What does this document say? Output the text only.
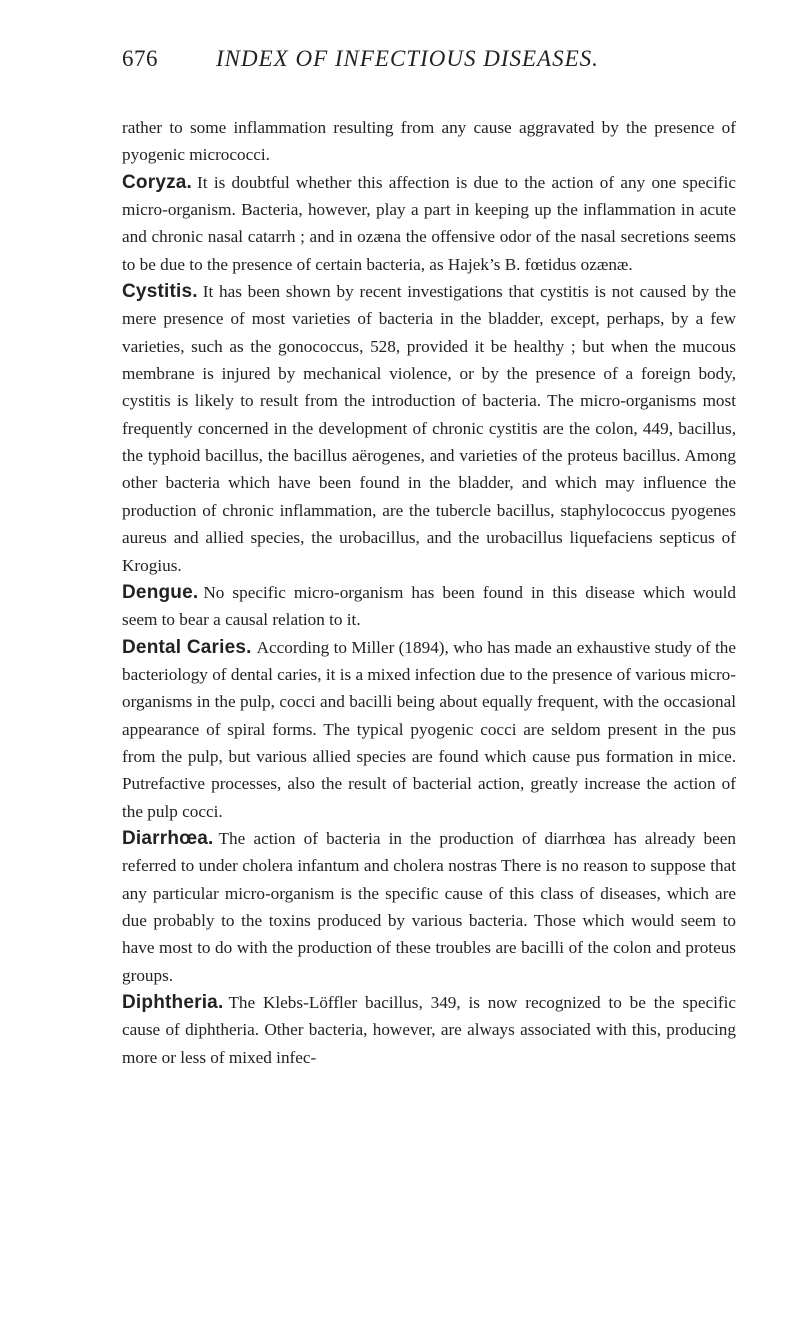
676	INDEX OF INFECTIOUS DISEASES.

rather to some inflammation resulting from any cause aggravated by the presence of pyogenic micrococci.

Coryza. It is doubtful whether this affection is due to the action of any one specific micro-organism. Bacteria, however, play a part in keeping up the inflammation in acute and chronic nasal catarrh ; and in ozæna the offensive odor of the nasal secretions seems to be due to the presence of certain bacteria, as Hajek’s B. fœtidus ozænæ.

Cystitis. It has been shown by recent investigations that cystitis is not caused by the mere presence of most varieties of bacteria in the bladder, except, perhaps, by a few varieties, such as the gonococcus, 528, provided it be healthy ; but when the mucous membrane is injured by mechanical violence, or by the presence of a foreign body, cystitis is likely to result from the introduction of bacteria. The micro-organisms most frequently concerned in the development of chronic cystitis are the colon, 449, bacillus, the typhoid bacillus, the bacillus aërogenes, and varieties of the proteus bacillus. Among other bacteria which have been found in the bladder, and which may influence the production of chronic inflammation, are the tubercle bacillus, staphylococcus pyogenes aureus and allied species, the urobacillus, and the urobacillus liquefaciens septicus of Krogius.

Dengue. No specific micro-organism has been found in this disease which would seem to bear a causal relation to it.

Dental Caries. According to Miller (1894), who has made an exhaustive study of the bacteriology of dental caries, it is a mixed infection due to the presence of various micro-organisms in the pulp, cocci and bacilli being about equally frequent, with the occasional appearance of spiral forms. The typical pyogenic cocci are seldom present in the pus from the pulp, but various allied species are found which cause pus formation in mice. Putrefactive processes, also the result of bacterial action, greatly increase the action of the pulp cocci.

Diarrhœa. The action of bacteria in the production of diarrhœa has already been referred to under cholera infantum and cholera nostras There is no reason to suppose that any particular micro-organism is the specific cause of this class of diseases, which are due probably to the toxins produced by various bacteria. Those which would seem to have most to do with the production of these troubles are bacilli of the colon and proteus groups.

Diphtheria. The Klebs-Löffler bacillus, 349, is now recognized to be the specific cause of diphtheria. Other bacteria, however, are always associated with this, producing more or less of mixed infec-
